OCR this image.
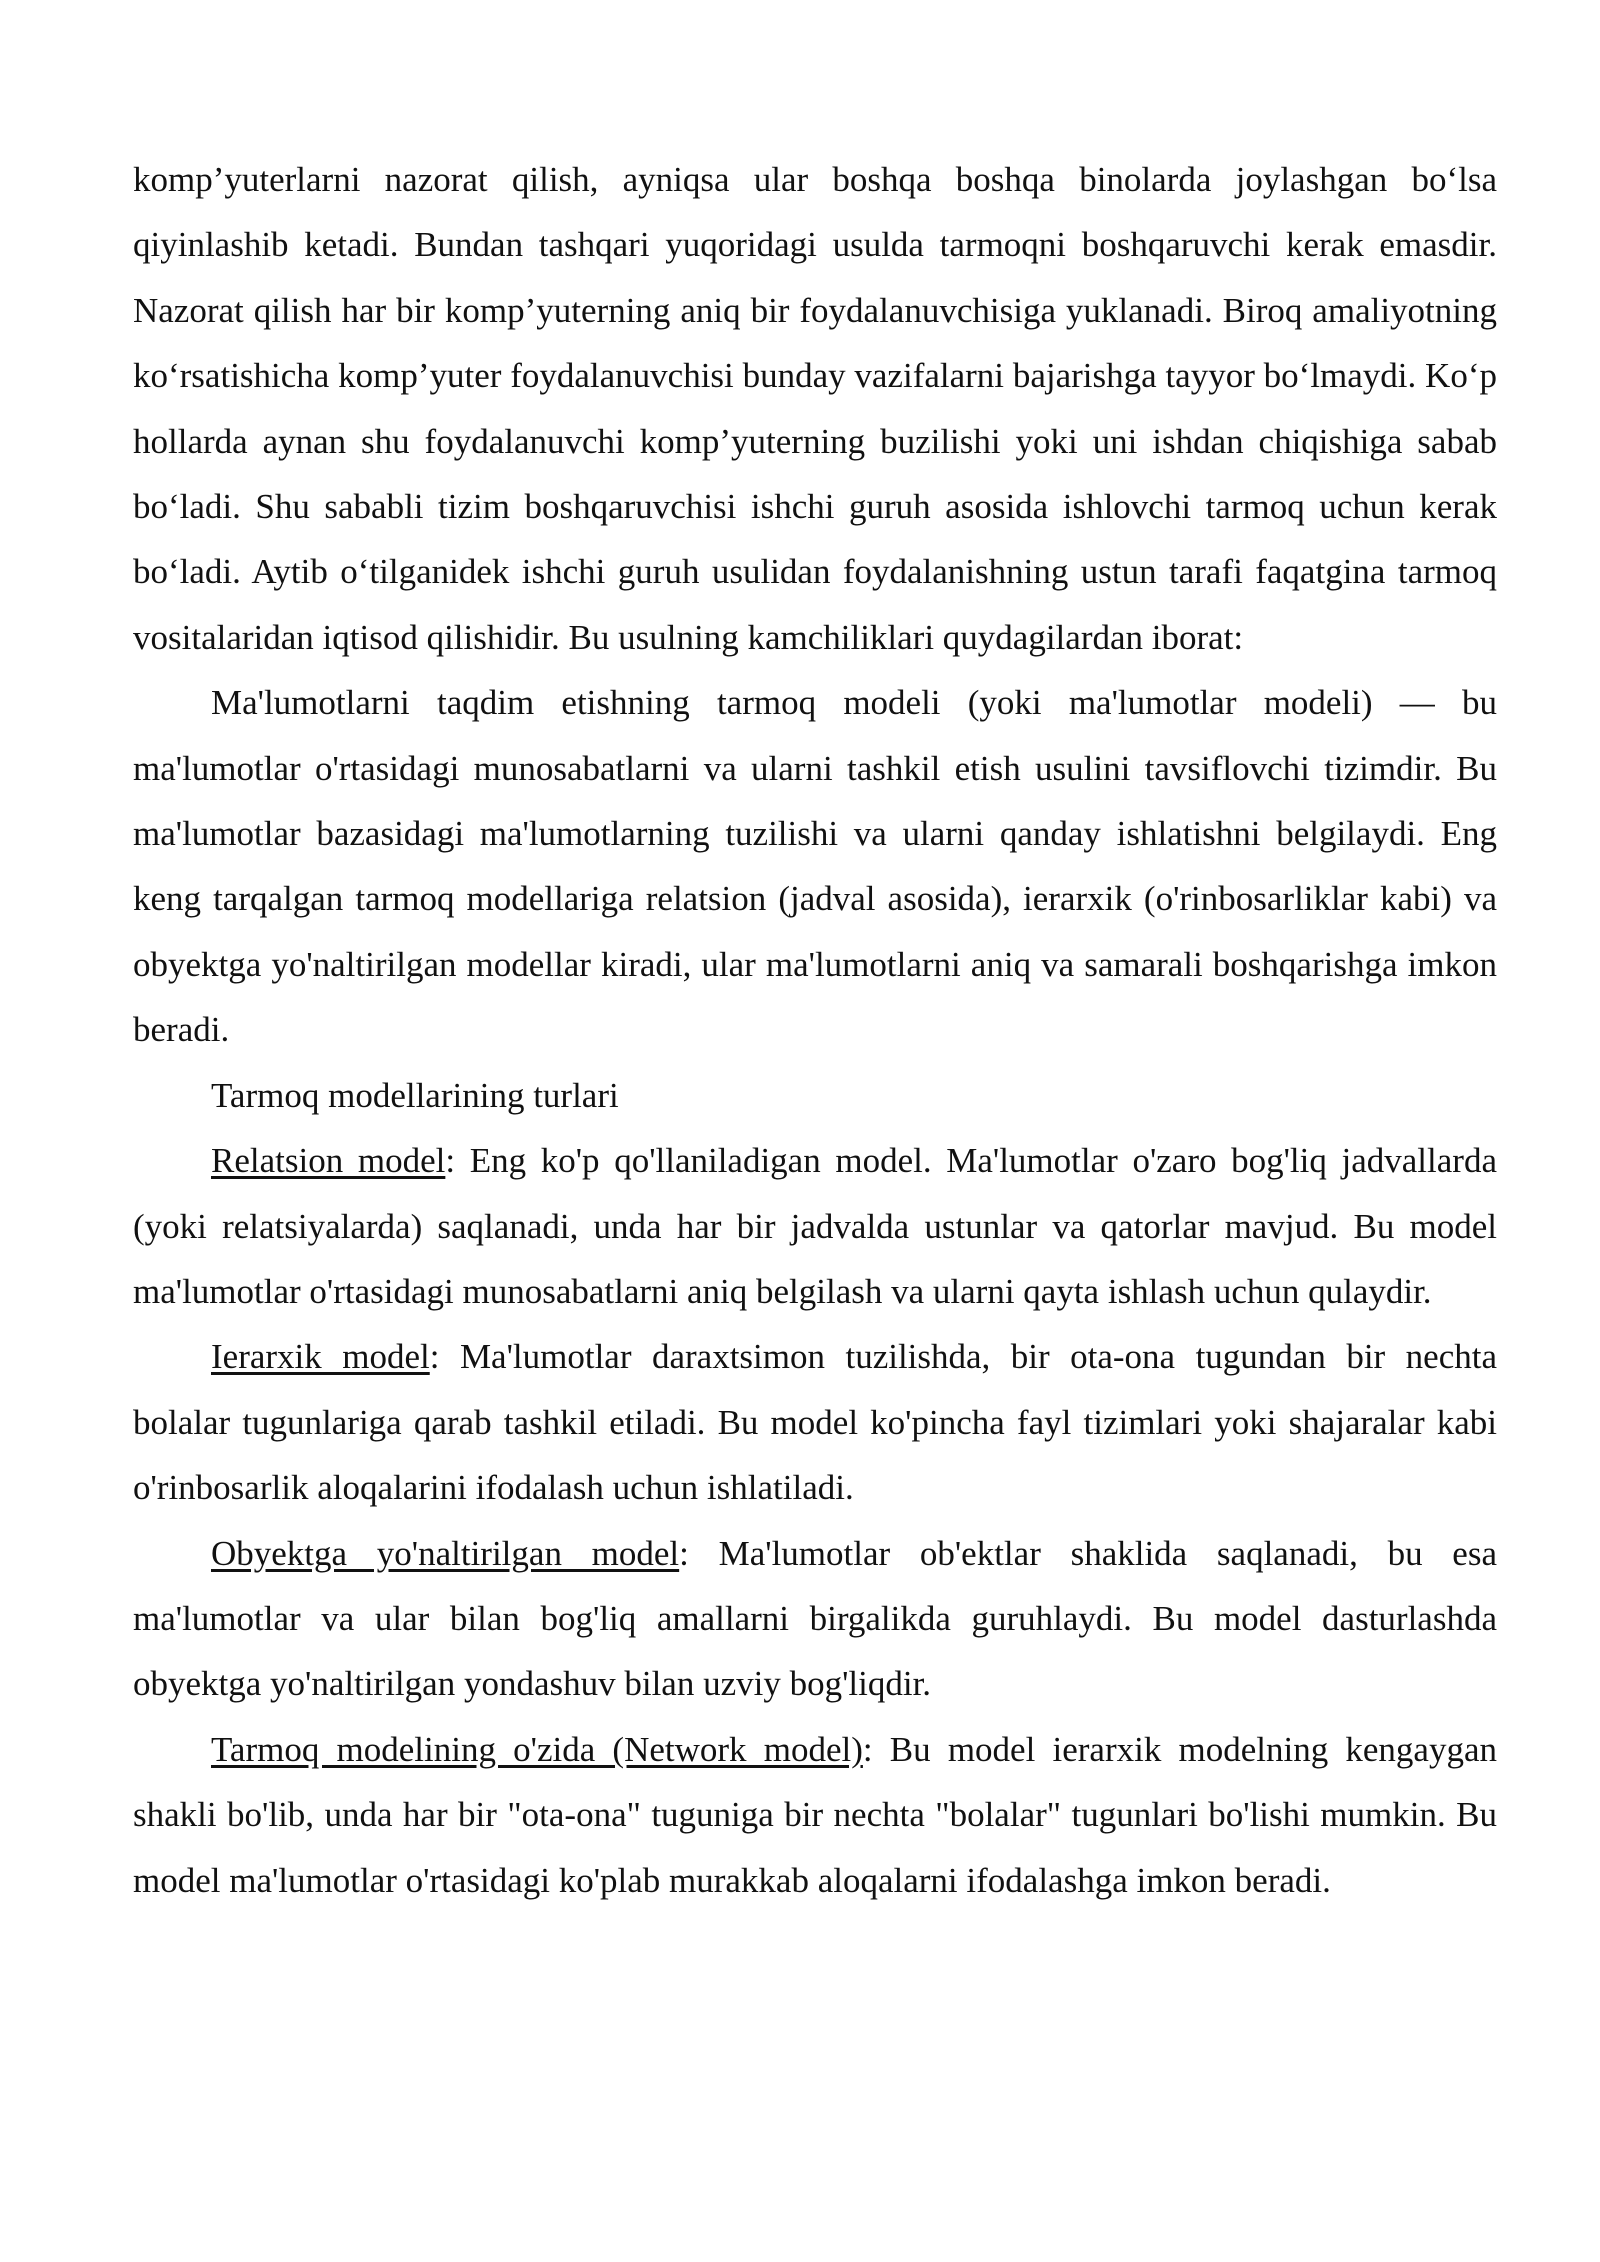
komp’yuterlarni nazorat qilish, ayniqsa ular boshqa boshqa binolarda joylashgan bo‘lsa qiyinlashib ketadi. Bundan tashqari yuqoridagi usulda tarmoqni boshqaruvchi kerak emasdir. Nazorat qilish har bir komp’yuterning aniq bir foydalanuvchisiga yuklanadi. Biroq amaliyotning ko‘rsatishicha komp’yuter foydalanuvchisi bunday vazifalarni bajarishga tayyor bo‘lmaydi. Ko‘p hollarda aynan shu foydalanuvchi komp’yuterning buzilishi yoki uni ishdan chiqishiga sabab bo‘ladi. Shu sababli tizim boshqaruvchisi ishchi guruh asosida ishlovchi tarmoq uchun kerak bo‘ladi. Aytib o‘tilganidek ishchi guruh usulidan foydalanishning ustun tarafi faqatgina tarmoq vositalaridan iqtisod qilishidir. Bu usulning kamchiliklari quydagilardan iborat:

Ma'lumotlarni taqdim etishning tarmoq modeli (yoki ma'lumotlar modeli) — bu ma'lumotlar o'rtasidagi munosabatlarni va ularni tashkil etish usulini tavsiflovchi tizimdir. Bu ma'lumotlar bazasidagi ma'lumotlarning tuzilishi va ularni qanday ishlatishni belgilaydi. Eng keng tarqalgan tarmoq modellariga relatsion (jadval asosida), ierarxik (o'rinbosarliklar kabi) va obyektga yo'naltirilgan modellar kiradi, ular ma'lumotlarni aniq va samarali boshqarishga imkon beradi.

Tarmoq modellarining turlari

Relatsion model: Eng ko'p qo'llaniladigan model. Ma'lumotlar o'zaro bog'liq jadvallarda (yoki relatsiyalarda) saqlanadi, unda har bir jadvalda ustunlar va qatorlar mavjud. Bu model ma'lumotlar o'rtasidagi munosabatlarni aniq belgilash va ularni qayta ishlash uchun qulaydir.

Ierarxik model: Ma'lumotlar daraxtsimon tuzilishda, bir ota-ona tugundan bir nechta bolalar tugunlariga qarab tashkil etiladi. Bu model ko'pincha fayl tizimlari yoki shajaralar kabi o'rinbosarlik aloqalarini ifodalash uchun ishlatiladi.

Obyektga yo'naltirilgan model: Ma'lumotlar ob'ektlar shaklida saqlanadi, bu esa ma'lumotlar va ular bilan bog'liq amallarni birgalikda guruhlaydi. Bu model dasturlashda obyektga yo'naltirilgan yondashuv bilan uzviy bog'liqdir.

Tarmoq modelining o'zida (Network model): Bu model ierarxik modelning kengaygan shakli bo'lib, unda har bir "ota-ona" tuguniga bir nechta "bolalar" tugunlari bo'lishi mumkin. Bu model ma'lumotlar o'rtasidagi ko'plab murakkab aloqalarni ifodalashga imkon beradi.
